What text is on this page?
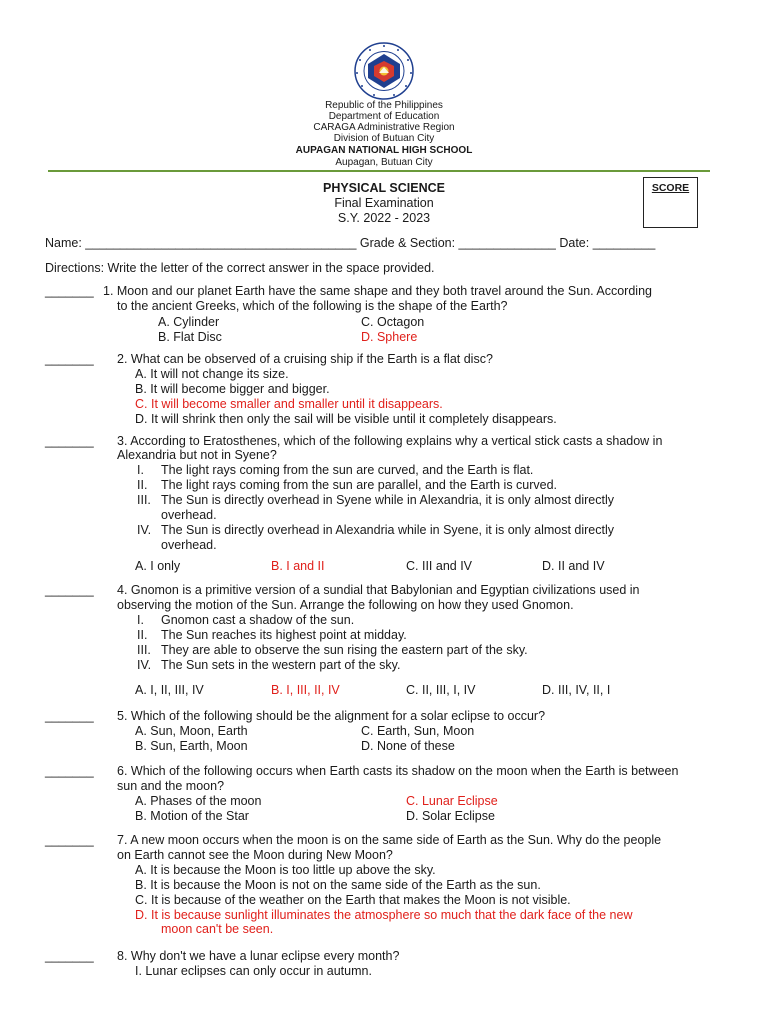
Republic of the Philippines
Department of Education
CARAGA Administrative Region
Division of Butuan City
AUPAGAN NATIONAL HIGH SCHOOL
Aupagan, Butuan City
PHYSICAL SCIENCE
Final Examination
S.Y. 2022 - 2023
SCORE
Name: _______________________________________ Grade & Section: ______________ Date: _________
Directions: Write the letter of the correct answer in the space provided.
_______ 1. Moon and our planet Earth have the same shape and they both travel around the Sun. According
to the ancient Greeks, which of the following is the shape of the Earth?
A. Cylinder
B. Flat Disc
C. Octagon
D. Sphere
_______ 2. What can be observed of a cruising ship if the Earth is a flat disc?
A. It will not change its size.
B. It will become bigger and bigger.
C. It will become smaller and smaller until it disappears.
D. It will shrink then only the sail will be visible until it completely disappears.
_______ 3. According to Eratosthenes, which of the following explains why a vertical stick casts a shadow in
Alexandria but not in Syene?
I. The light rays coming from the sun are curved, and the Earth is flat.
II. The light rays coming from the sun are parallel, and the Earth is curved.
III. The Sun is directly overhead in Syene while in Alexandria, it is only almost directly
overhead.
IV. The Sun is directly overhead in Alexandria while in Syene, it is only almost directly
overhead.
A. I only	B. I and II	C. III and IV	D. II and IV
_______ 4. Gnomon is a primitive version of a sundial that Babylonian and Egyptian civilizations used in
observing the motion of the Sun. Arrange the following on how they used Gnomon.
I. Gnomon cast a shadow of the sun.
II. The Sun reaches its highest point at midday.
III. They are able to observe the sun rising the eastern part of the sky.
IV. The Sun sets in the western part of the sky.
A. I, II, III, IV	B. I, III, II, IV	C. II, III, I, IV	D. III, IV, II, I
_______ 5. Which of the following should be the alignment for a solar eclipse to occur?
A. Sun, Moon, Earth
B. Sun, Earth, Moon
C. Earth, Sun, Moon
D. None of these
_______ 6. Which of the following occurs when Earth casts its shadow on the moon when the Earth is between
sun and the moon?
A. Phases of the moon
B. Motion of the Star
C. Lunar Eclipse
D. Solar Eclipse
_______ 7. A new moon occurs when the moon is on the same side of Earth as the Sun. Why do the people
on Earth cannot see the Moon during New Moon?
A. It is because the Moon is too little up above the sky.
B. It is because the Moon is not on the same side of the Earth as the sun.
C. It is because of the weather on the Earth that makes the Moon is not visible.
D. It is because sunlight illuminates the atmosphere so much that the dark face of the new
moon can't be seen.
_______ 8. Why don't we have a lunar eclipse every month?
I. Lunar eclipses can only occur in autumn.
